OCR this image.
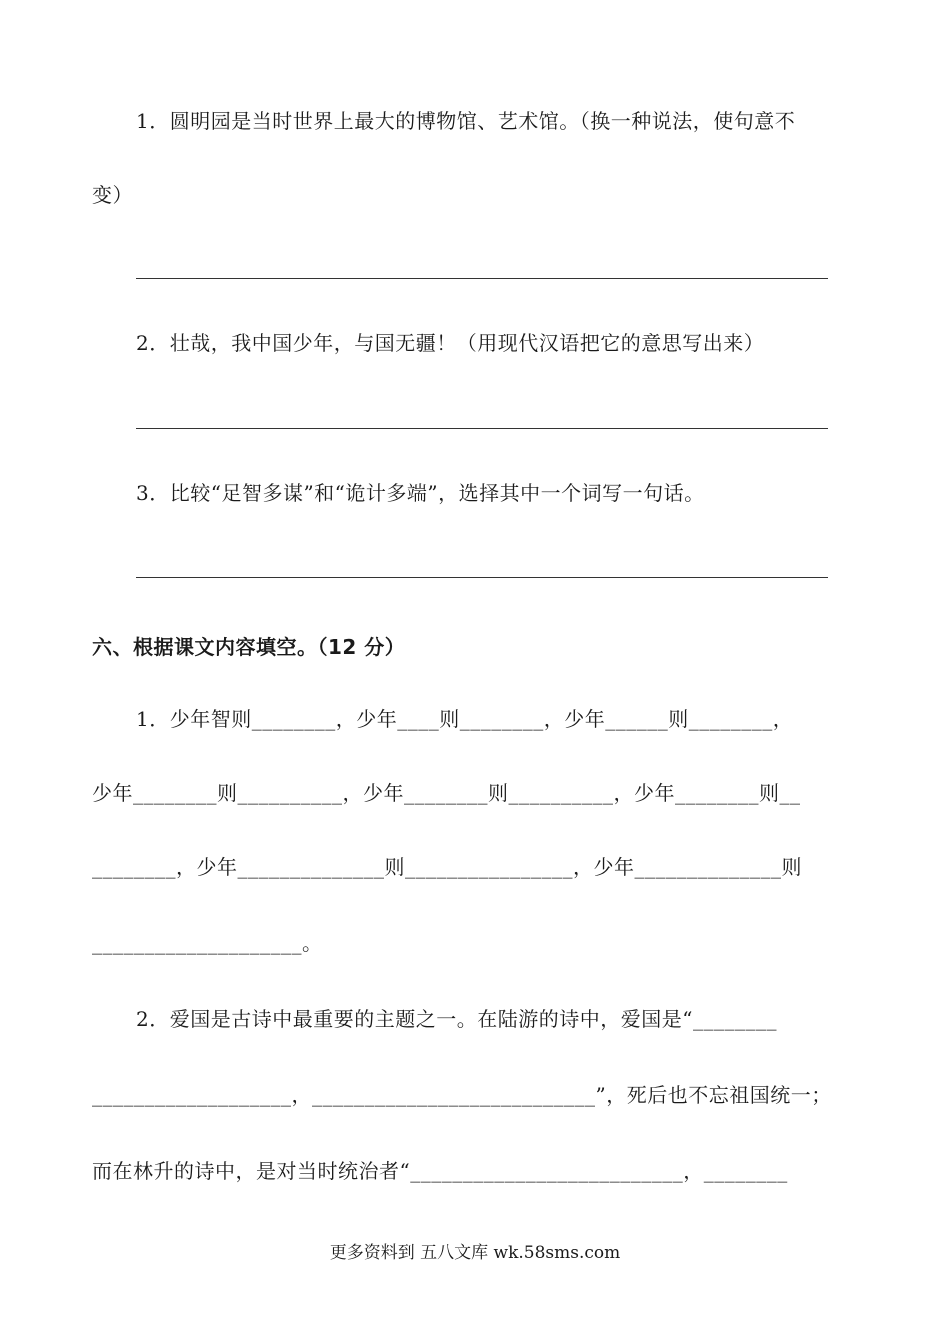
1．圆明园是当时世界上最大的博物馆、艺术馆。（换一种说法，使句意不
变）
2．壮哉，我中国少年，与国无疆！（用现代汉语把它的意思写出来）
3．比较“足智多谋”和“诡计多端”，选择其中一个词写一句话。
六、根据课文内容填空。（12 分）
1．少年智则________，少年____则________，少年______则________，
少年________则__________，少年________则__________，少年________则__
________，少年______________则________________，少年______________则
____________________。
2．爱国是古诗中最重要的主题之一。在陆游的诗中，爱国是“________
___________________，___________________________”，死后也不忘祖国统一；
而在林升的诗中，是对当时统治者“__________________________，________
更多资料到 五八文库 wk.58sms.com
